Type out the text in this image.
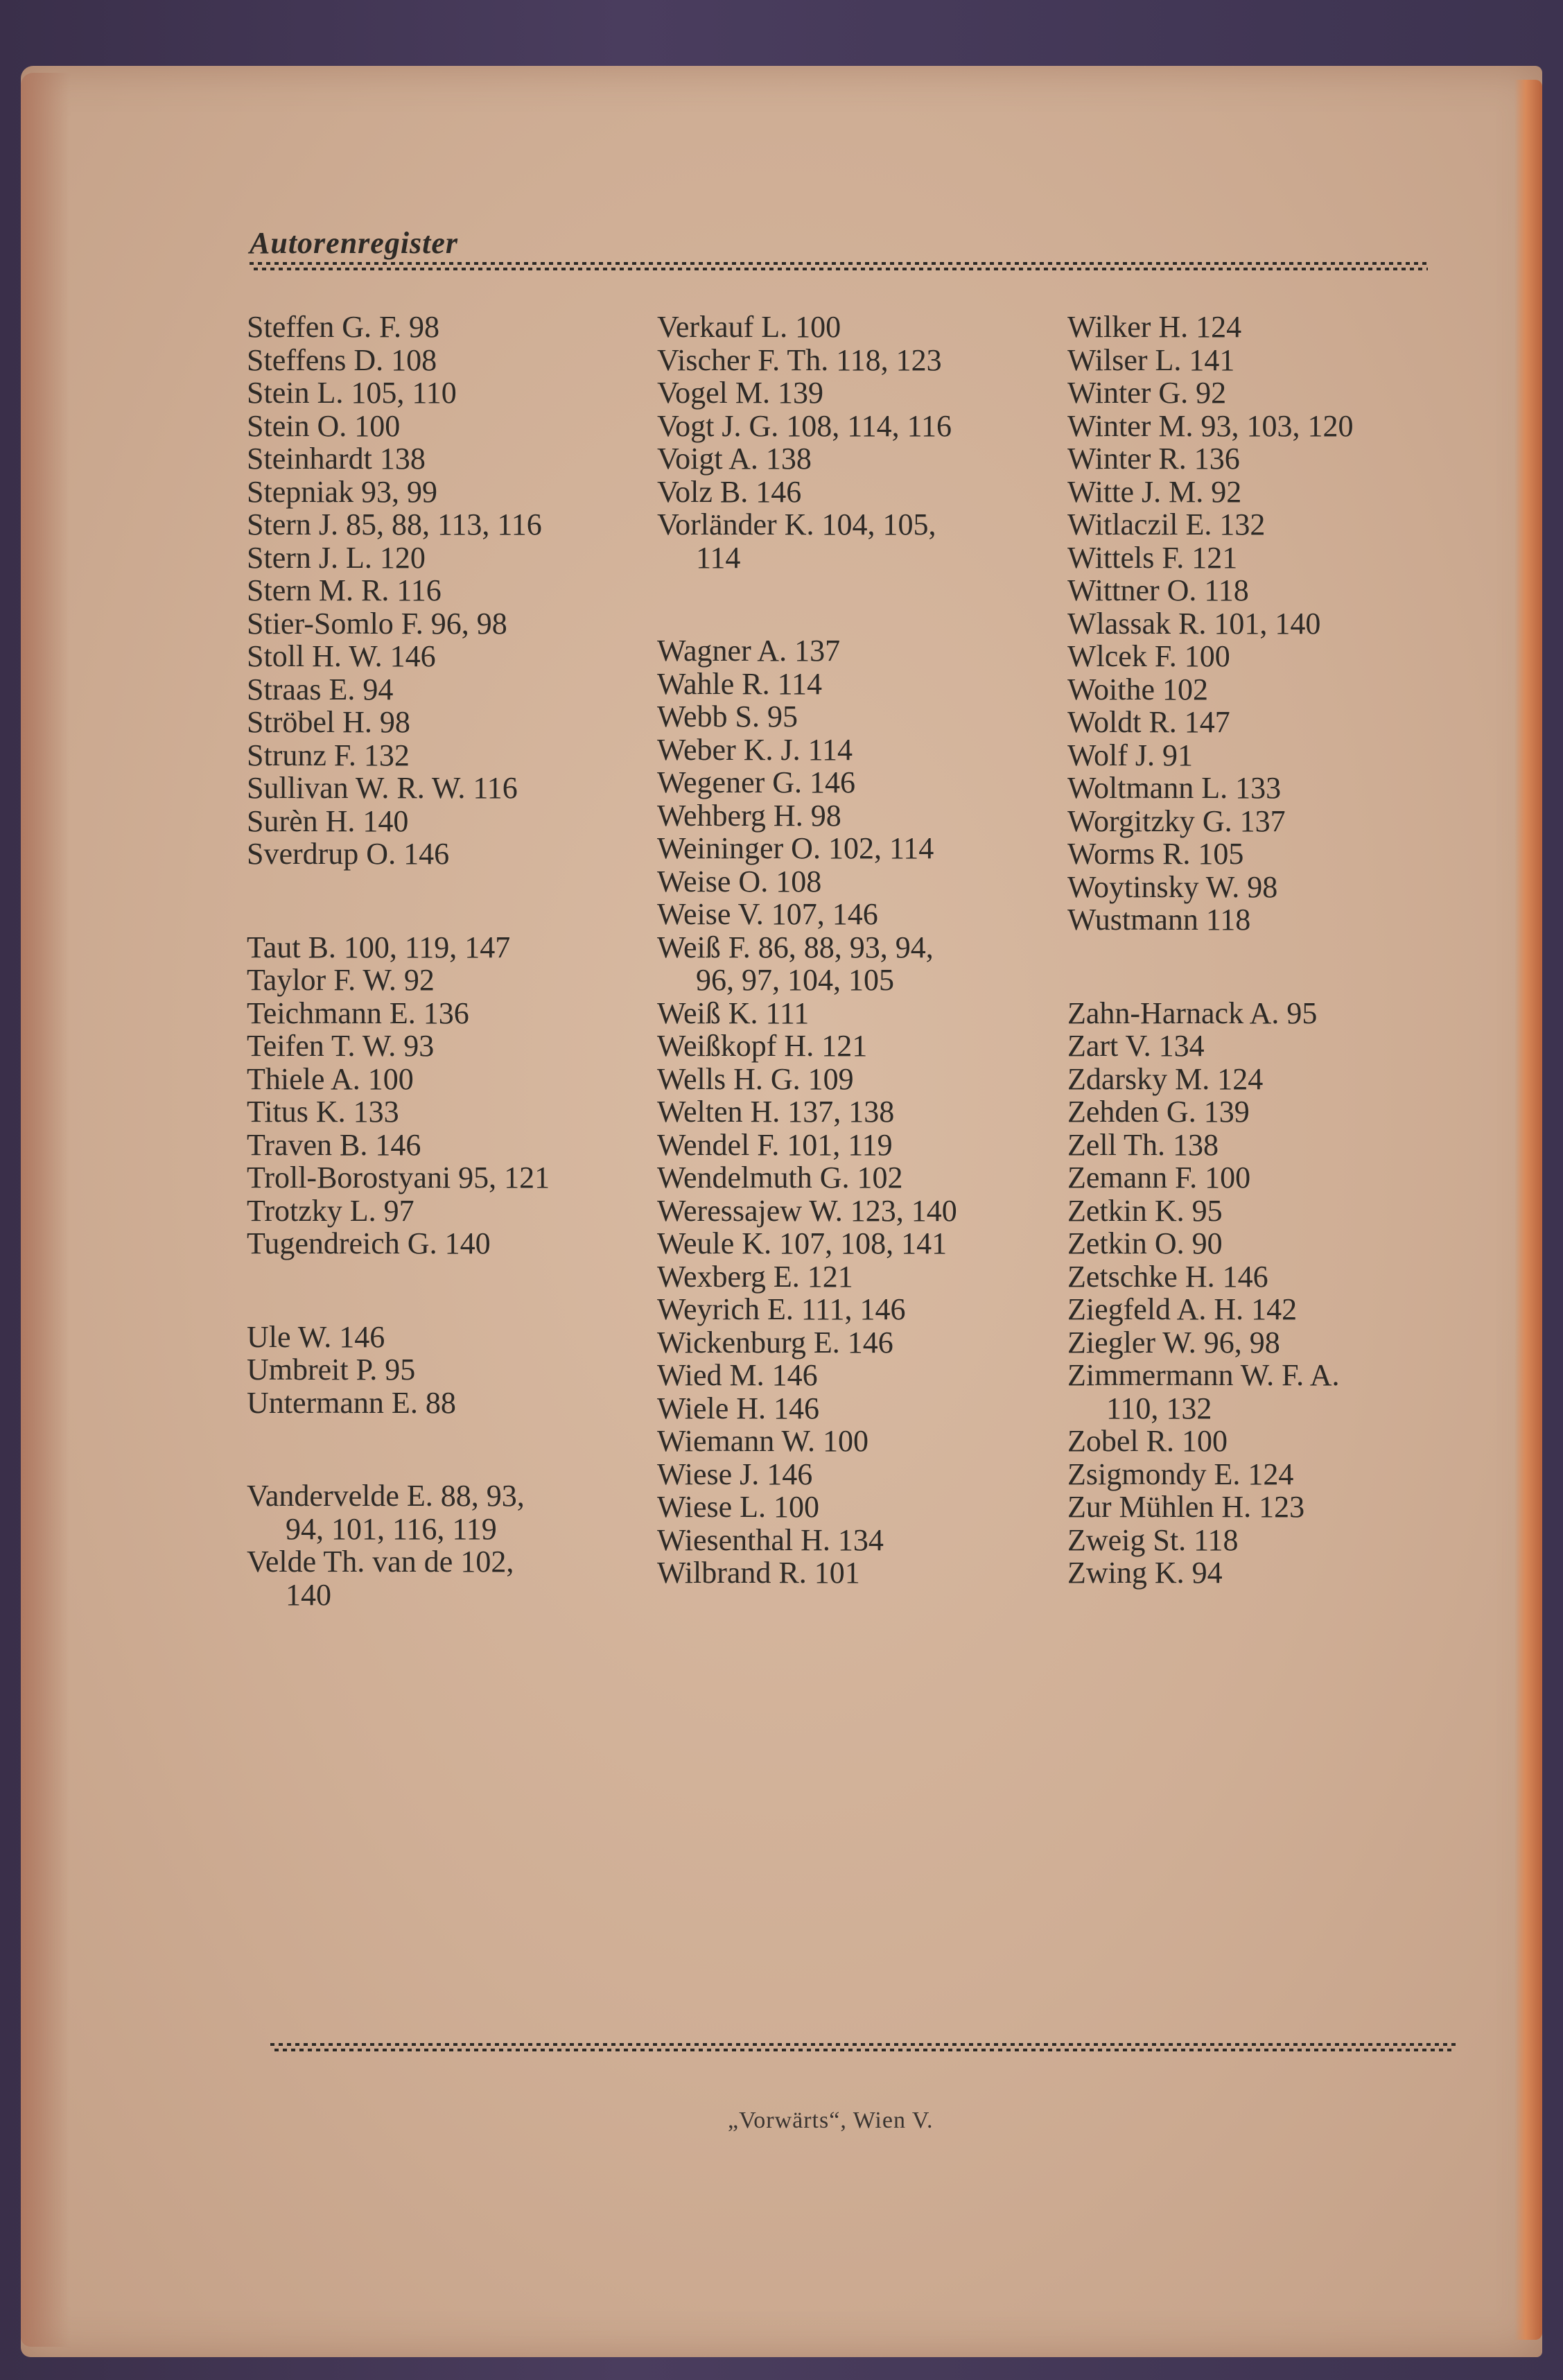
Autorenregister
Steffen G. F. 98
Steffens D. 108
Stein L. 105, 110
Stein O. 100
Steinhardt 138
Stepniak 93, 99
Stern J. 85, 88, 113, 116
Stern J. L. 120
Stern M. R. 116
Stier-Somlo F. 96, 98
Stoll H. W. 146
Straas E. 94
Ströbel H. 98
Strunz F. 132
Sullivan W. R. W. 116
Surèn H. 140
Sverdrup O. 146
Taut B. 100, 119, 147
Taylor F. W. 92
Teichmann E. 136
Teifen T. W. 93
Thiele A. 100
Titus K. 133
Traven B. 146
Troll-Borostyani 95, 121
Trotzky L. 97
Tugendreich G. 140
Ule W. 146
Umbreit P. 95
Untermann E. 88
Vandervelde E. 88, 93,
94, 101, 116, 119
Velde Th. van de 102,
140
Verkauf L. 100
Vischer F. Th. 118, 123
Vogel M. 139
Vogt J. G. 108, 114, 116
Voigt A. 138
Volz B. 146
Vorländer K. 104, 105,
114
Wagner A. 137
Wahle R. 114
Webb S. 95
Weber K. J. 114
Wegener G. 146
Wehberg H. 98
Weininger O. 102, 114
Weise O. 108
Weise V. 107, 146
Weiß F. 86, 88, 93, 94,
96, 97, 104, 105
Weiß K. 111
Weißkopf H. 121
Wells H. G. 109
Welten H. 137, 138
Wendel F. 101, 119
Wendelmuth G. 102
Weressajew W. 123, 140
Weule K. 107, 108, 141
Wexberg E. 121
Weyrich E. 111, 146
Wickenburg E. 146
Wied M. 146
Wiele H. 146
Wiemann W. 100
Wiese J. 146
Wiese L. 100
Wiesenthal H. 134
Wilbrand R. 101
Wilker H. 124
Wilser L. 141
Winter G. 92
Winter M. 93, 103, 120
Winter R. 136
Witte J. M. 92
Witlaczil E. 132
Wittels F. 121
Wittner O. 118
Wlassak R. 101, 140
Wlcek F. 100
Woithe 102
Woldt R. 147
Wolf J. 91
Woltmann L. 133
Worgitzky G. 137
Worms R. 105
Woytinsky W. 98
Wustmann 118
Zahn-Harnack A. 95
Zart V. 134
Zdarsky M. 124
Zehden G. 139
Zell Th. 138
Zemann F. 100
Zetkin K. 95
Zetkin O. 90
Zetschke H. 146
Ziegfeld A. H. 142
Ziegler W. 96, 98
Zimmermann W. F. A.
110, 132
Zobel R. 100
Zsigmondy E. 124
Zur Mühlen H. 123
Zweig St. 118
Zwing K. 94
„Vorwärts“, Wien V.
